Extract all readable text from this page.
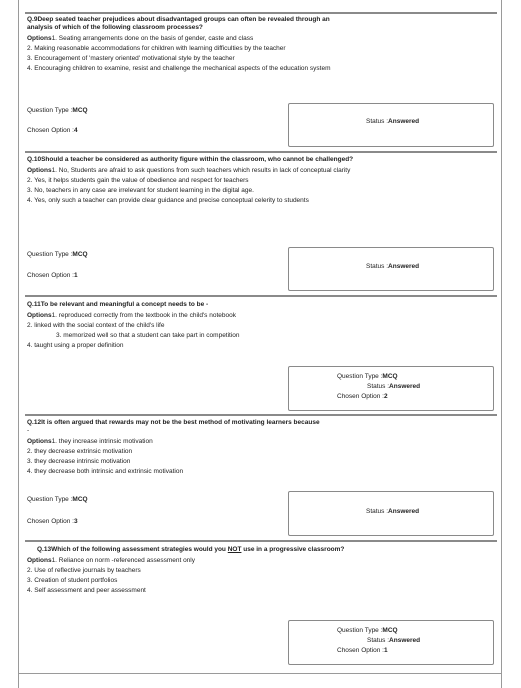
Q.9Deep seated teacher prejudices about disadvantaged groups can often be revealed through an analysis of which of the following classroom processes?
Options1. Seating arrangements done on the basis of gender, caste and class
2. Making reasonable accommodations for children with learning difficulties by the teacher
3. Encouragement of 'mastery oriented' motivational style by the teacher
4. Encouraging children to examine, resist and challenge the mechanical aspects of the education system
Question Type :MCQ
Chosen Option :4
Status :Answered
Q.10Should a teacher be considered as authority figure within the classroom, who cannot be challenged?
Options1. No, Students are afraid to ask questions from such teachers which results in lack of conceptual clarity
2. Yes, it helps students gain the value of obedience and respect for teachers
3. No, teachers in any case are irrelevant for student learning in the digital age.
4. Yes, only such a teacher can provide clear guidance and precise conceptual celerity to students
Question Type :MCQ
Chosen Option :1
Status :Answered
Q.11To be relevant and meaningful a concept needs to be -
Options1. reproduced correctly from the textbook in the child's notebook
2. linked with the social context of the child's life
3. memorized well so that a student can take part in competition
4. taught using a proper definition
Question Type :MCQ
Status :Answered
Chosen Option :2
Q.12It is often argued that rewards may not be the best method of motivating learners because
-
Options1. they increase intrinsic motivation
2. they decrease extrinsic motivation
3. they decrease intrinsic motivation
4. they decrease both intrinsic and extrinsic motivation
Question Type :MCQ
Chosen Option :3
Status :Answered
Q.13Which of the following assessment strategies would you NOT use in a progressive classroom?
Options1. Reliance on norm -referenced assessment only
2. Use of reflective journals by teachers
3. Creation of student portfolios
4. Self assessment and peer assessment
Question Type :MCQ
Status :Answered
Chosen Option :1
